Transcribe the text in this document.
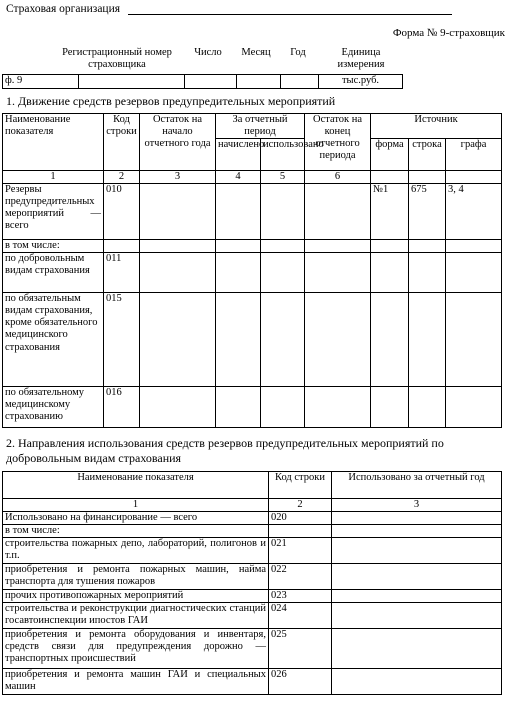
Страховая организация
Форма № 9-страховщик
Регистрационный номер страховщика
Число	Месяц	Год	Единица измерения
ф. 9					тыс.руб.
1. Движение средств резервов предупредительных мероприятий
Наименование показателя	Код строки	Остаток на начало отчетного года	За отчетный период		Остаток на конец отчетного периода	Источник		
			начислено	использовано		форма	строка	графа
1	2	3	4	5	6			
Резервы предупредительных мероприятий — всего	010					№1	675	3, 4
в том числе:								
по добровольным видам страхования	011							
по обязательным видам страхования, кроме обязательного медицинского страхования	015							
по обязательному медицинскому страхованию	016							
2. Направления использования средств резервов предупредительных мероприятий по добровольным видам страхования
Наименование показателя	Код строки	Использовано за отчетный год
1	2	3
Использовано на финансирование — всего	020	
в том числе:		
строительства пожарных депо, лабораторий, полигонов и т.п.	021	
приобретения и ремонта пожарных машин, найма транспорта для тушения пожаров	022	
прочих противопожарных мероприятий	023	
строительства и реконструкции диагностических станций госавтоинспекции ипостов ГАИ	024	
приобретения и ремонта оборудования и инвентаря, средств связи для предупреждения дорожно — транспортных происшествий	025	
приобретения и ремонта машин ГАИ и специальных машин	026	
